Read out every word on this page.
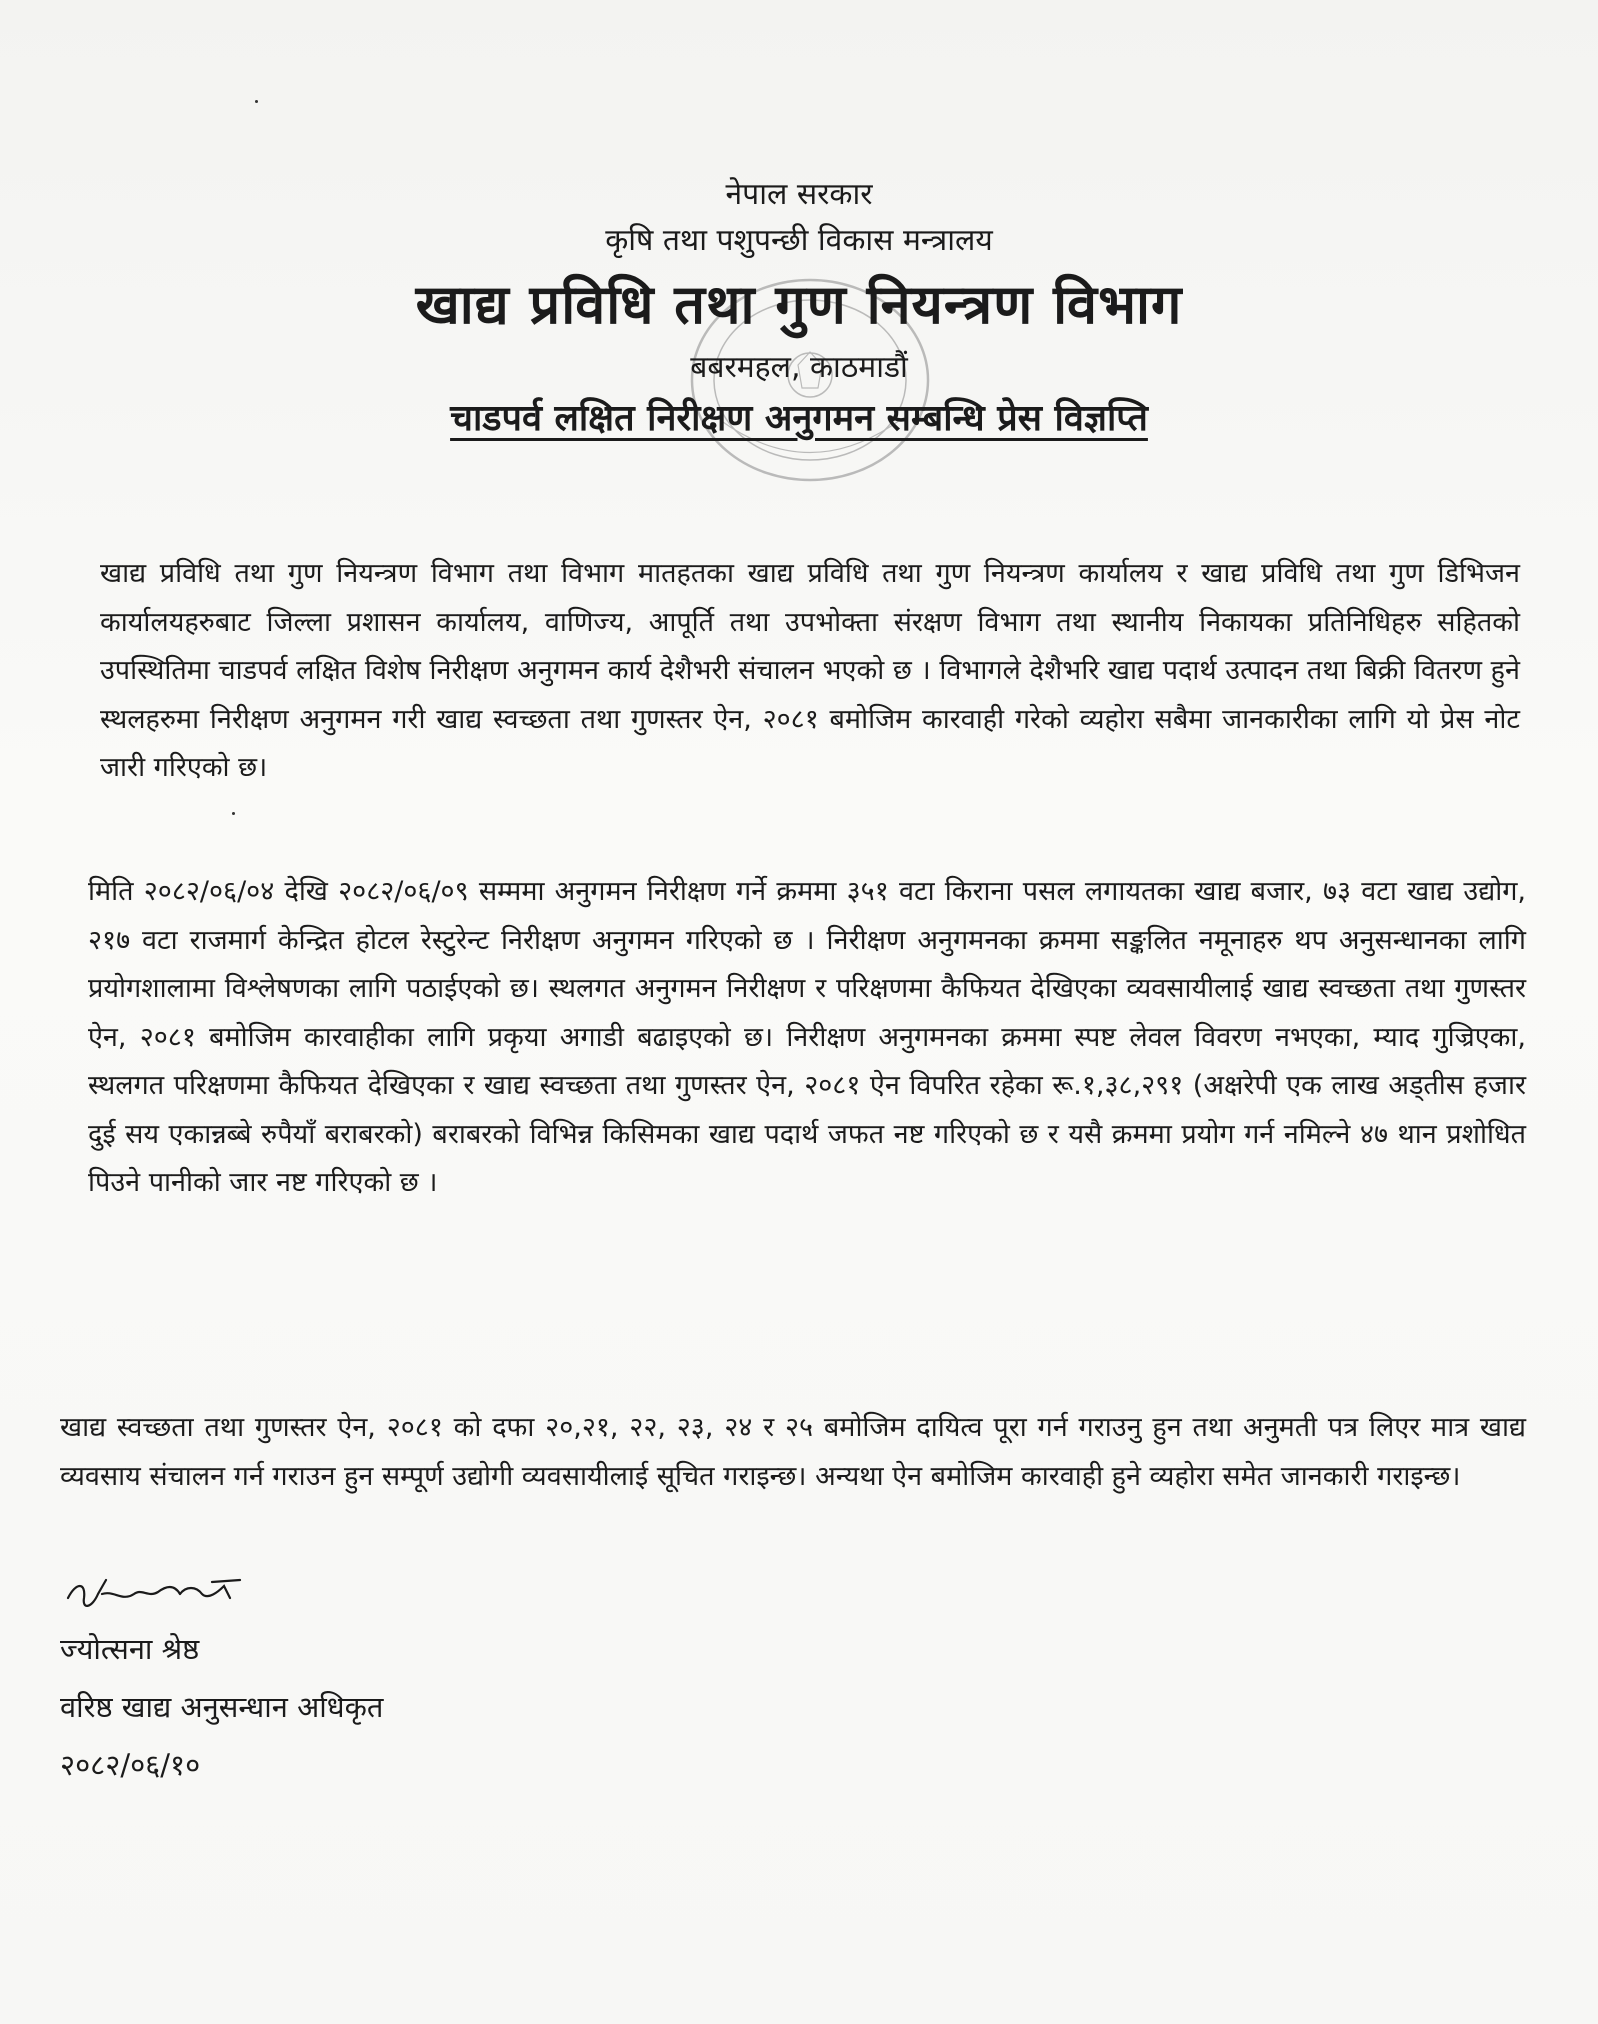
नेपाल सरकार
कृषि तथा पशुपन्छी विकास मन्त्रालय
खाद्य प्रविधि तथा गुण नियन्त्रण विभाग
बबरमहल, काठमाडौं
चाडपर्व लक्षित निरीक्षण अनुगमन सम्बन्धि प्रेस विज्ञप्ति

खाद्य प्रविधि तथा गुण नियन्त्रण विभाग तथा विभाग मातहतका खाद्य प्रविधि तथा गुण नियन्त्रण कार्यालय र खाद्य प्रविधि तथा गुण डिभिजन कार्यालयहरुबाट जिल्ला प्रशासन कार्यालय, वाणिज्य, आपूर्ति तथा उपभोक्ता संरक्षण विभाग तथा स्थानीय निकायका प्रतिनिधिहरु सहितको उपस्थितिमा चाडपर्व लक्षित विशेष निरीक्षण अनुगमन कार्य देशैभरी संचालन भएको छ । विभागले देशैभरि खाद्य पदार्थ उत्पादन तथा बिक्री वितरण हुने स्थलहरुमा निरीक्षण अनुगमन गरी खाद्य स्वच्छता तथा गुणस्तर ऐन, २०८१ बमोजिम कारवाही गरेको व्यहोरा सबैमा जानकारीका लागि यो प्रेस नोट जारी गरिएको छ।

मिति २०८२/०६/०४ देखि २०८२/०६/०९ सम्ममा अनुगमन निरीक्षण गर्ने क्रममा ३५१ वटा किराना पसल लगायतका खाद्य बजार, ७३ वटा खाद्य उद्योग, २१७ वटा राजमार्ग केन्द्रित होटल रेस्टुरेन्ट निरीक्षण अनुगमन गरिएको छ । निरीक्षण अनुगमनका क्रममा सङ्कलित नमूनाहरु थप अनुसन्धानका लागि प्रयोगशालामा विश्लेषणका लागि पठाईएको छ। स्थलगत अनुगमन निरीक्षण र परिक्षणमा कैफियत देखिएका व्यवसायीलाई खाद्य स्वच्छता तथा गुणस्तर ऐन, २०८१ बमोजिम कारवाहीका लागि प्रकृया अगाडी बढाइएको छ। निरीक्षण अनुगमनका क्रममा स्पष्ट लेवल विवरण नभएका, म्याद गुज्रिएका, स्थलगत परिक्षणमा कैफियत देखिएका र खाद्य स्वच्छता तथा गुणस्तर ऐन, २०८१ ऐन विपरित रहेका रू.१,३८,२९१ (अक्षरेपी एक लाख अड्तीस हजार दुई सय एकान्नब्बे रुपैयाँ बराबरको) बराबरको विभिन्न किसिमका खाद्य पदार्थ जफत नष्ट गरिएको छ र यसै क्रममा प्रयोग गर्न नमिल्ने ४७ थान प्रशोधित पिउने पानीको जार नष्ट गरिएको छ ।

खाद्य स्वच्छता तथा गुणस्तर ऐन, २०८१ को दफा २०,२१, २२, २३, २४ र २५ बमोजिम दायित्व पूरा गर्न गराउनु हुन तथा अनुमती पत्र लिएर मात्र खाद्य व्यवसाय संचालन गर्न गराउन हुन सम्पूर्ण उद्योगी व्यवसायीलाई सूचित गराइन्छ। अन्यथा ऐन बमोजिम कारवाही हुने व्यहोरा समेत जानकारी गराइन्छ।

ज्योत्सना श्रेष्ठ
वरिष्ठ खाद्य अनुसन्धान अधिकृत
२०८२/०६/१०
